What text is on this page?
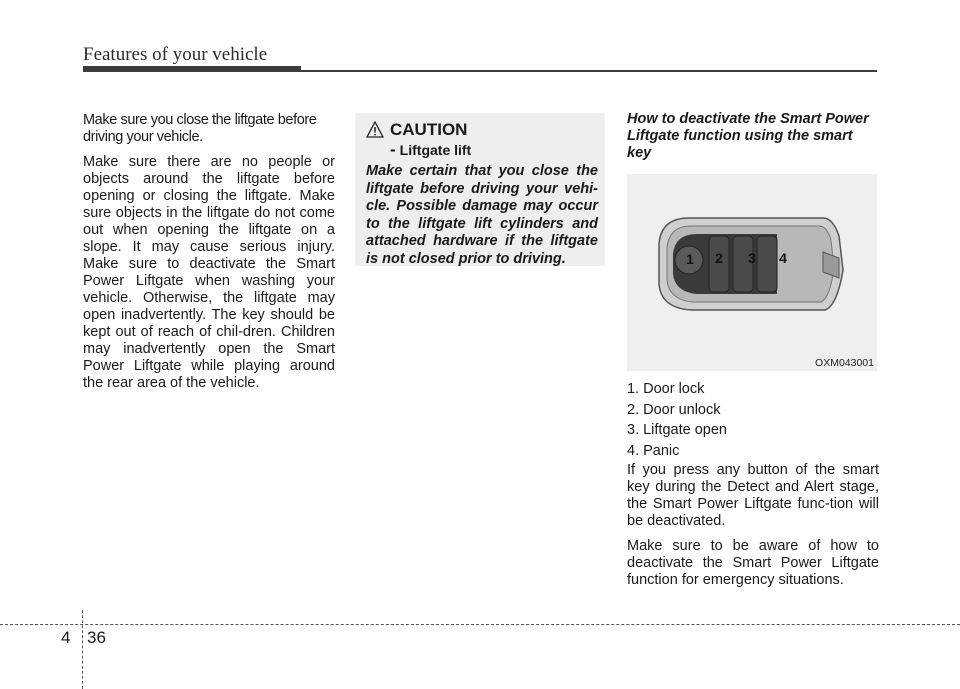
Features of your vehicle

Make sure you close the liftgate before driving your vehicle.

Make sure there are no people or objects around the liftgate before opening or closing the liftgate. Make sure objects in the liftgate do not come out when opening the liftgate on a slope. It may cause serious injury. Make sure to deactivate the Smart Power Liftgate when washing your vehicle. Otherwise, the liftgate may open inadvertently. The key should be kept out of reach of chil-dren. Children may inadvertently open the Smart Power Liftgate while playing around the rear area of the vehicle.

CAUTION
- Liftgate lift

Make certain that you close the liftgate before driving your vehi-cle. Possible damage may occur to the liftgate lift cylinders and attached hardware if the liftgate is not closed prior to driving.

How to deactivate the Smart Power Liftgate function using the smart key

1 2 3 4
OXM043001
1. Door lock
2. Door unlock
3. Liftgate open
4. Panic

If you press any button of the smart key during the Detect and Alert stage, the Smart Power Liftgate func-tion will be deactivated.

Make sure to be aware of how to deactivate the Smart Power Liftgate function for emergency situations.

4 36
